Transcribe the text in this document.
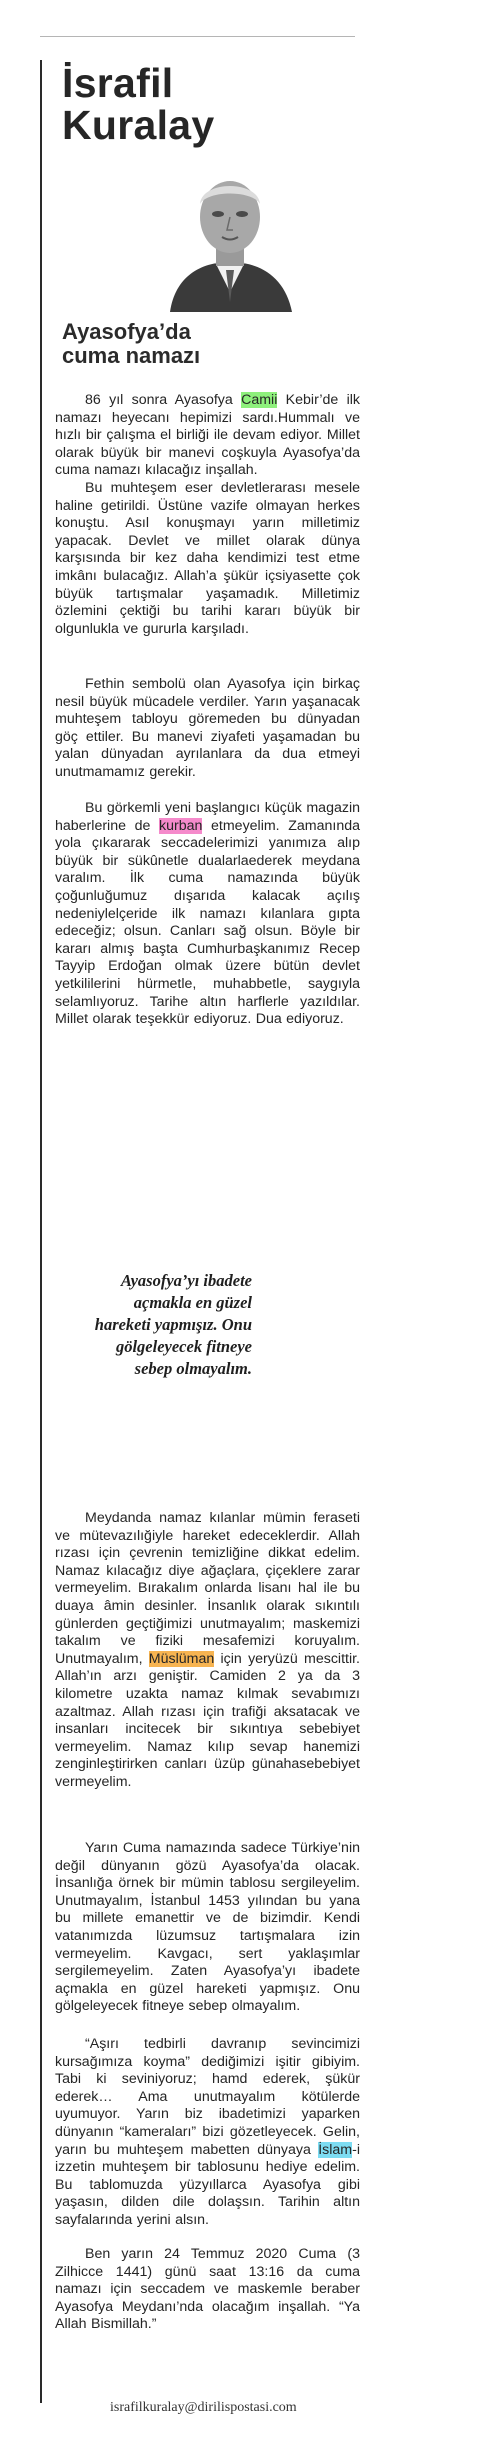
İsrafil
Kuralay
Ayasofya’da
cuma namazı

86 yıl sonra Ayasofya Camii Kebir’de ilk namazı heyecanı hepimizi sardı.Hummalı ve hızlı bir çalışma el birliği ile devam ediyor. Millet olarak büyük bir manevi coşkuyla Ayasofya’da cuma namazı kılacağız inşallah.

Bu muhteşem eser devletlerarası mesele haline getirildi. Üstüne vazife olmayan herkes konuştu. Asıl konuşmayı yarın milletimiz yapacak. Devlet ve millet olarak dünya karşısında bir kez daha kendimizi test etme imkânı bulacağız. Allah’a şükür içsiyasette çok büyük tartışmalar yaşamadık. Milletimiz özlemini çektiği bu tarihi kararı büyük bir olgunlukla ve gururla karşıladı.

Fethin sembolü olan Ayasofya için birkaç nesil büyük mücadele verdiler. Yarın yaşanacak muhteşem tabloyu göremeden bu dünyadan göç ettiler. Bu manevi ziyafeti yaşamadan bu yalan dünyadan ayrılanlara da dua etmeyi unutmamamız gerekir.

Bu görkemli yeni başlangıcı küçük magazin haberlerine de kurban etmeyelim. Zamanında yola çıkararak seccadelerimizi yanımıza alıp büyük bir sükûnetle dualarlaederek meydana varalım. İlk cuma namazında büyük çoğunluğumuz dışarıda kalacak açılış nedeniylelçeride ilk namazı kılanlara gıpta edeceğiz; olsun. Canları sağ olsun. Böyle bir kararı almış başta Cumhurbaşkanımız Recep Tayyip Erdoğan olmak üzere bütün devlet yetkililerini hürmetle, muhabbetle, saygıyla selamlıyoruz. Tarihe altın harflerle yazıldılar. Millet olarak teşekkür ediyoruz. Dua ediyoruz.

Ayasofya’yı ibadete açmakla en güzel hareketi yapmışız. Onu gölgeleyecek fitneye sebep olmayalım.

Meydanda namaz kılanlar mümin feraseti ve mütevazılığiyle hareket edeceklerdir. Allah rızası için çevrenin temizliğine dikkat edelim. Namaz kılacağız diye ağaçlara, çiçeklere zarar vermeyelim. Bırakalım onlarda lisanı hal ile bu duaya âmin desinler. İnsanlık olarak sıkıntılı günlerden geçtiğimizi unutmayalım; maskemizi takalım ve fiziki mesafemizi koruyalım. Unutmayalım, Müslüman için yeryüzü mescittir. Allah’ın arzı geniştir. Camiden 2 ya da 3 kilometre uzakta namaz kılmak sevabımızı azaltmaz. Allah rızası için trafiği aksatacak ve insanları incitecek bir sıkıntıya sebebiyet vermeyelim. Namaz kılıp sevap hanemizi zenginleştirirken canları üzüp günahasebebiyet vermeyelim.

Yarın Cuma namazında sadece Türkiye’nin değil dünyanın gözü Ayasofya’da olacak. İnsanlığa örnek bir mümin tablosu sergileyelim. Unutmayalım, İstanbul 1453 yılından bu yana bu millete emanettir ve de bizimdir. Kendi vatanımızda lüzumsuz tartışmalara izin vermeyelim. Kavgacı, sert yaklaşımlar sergilemeyelim. Zaten Ayasofya’yı ibadete açmakla en güzel hareketi yapmışız. Onu gölgeleyecek fitneye sebep olmayalım.

“Aşırı tedbirli davranıp sevincimizi kursağımıza koyma” dediğimizi işitir gibiyim. Tabi ki seviniyoruz; hamd ederek, şükür ederek… Ama unutmayalım kötülerde uyumuyor. Yarın biz ibadetimizi yaparken dünyanın “kameraları” bizi gözetleyecek. Gelin, yarın bu muhteşem mabetten dünyaya İslam-i izzetin muhteşem bir tablosunu hediye edelim. Bu tablomuzda yüzyıllarca Ayasofya gibi yaşasın, dilden dile dolaşsın. Tarihin altın sayfalarında yerini alsın.

Ben yarın 24 Temmuz 2020 Cuma (3 Zilhicce 1441) günü saat 13:16 da cuma namazı için seccadem ve maskemle beraber Ayasofya Meydanı’nda olacağım inşallah. “Ya Allah Bismillah.”

israfilkuralay@dirilispostasi.com
